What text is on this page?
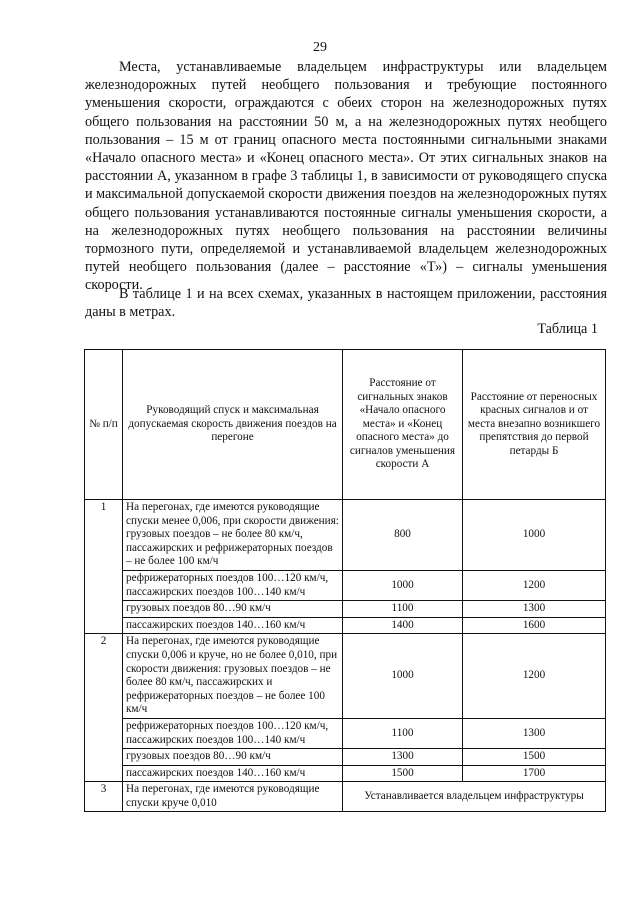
29
Места, устанавливаемые владельцем инфраструктуры или владельцем железнодорожных путей необщего пользования и требующие постоянного уменьшения скорости, ограждаются с обеих сторон на железнодорожных путях общего пользования на расстоянии 50 м, а на железнодорожных путях необщего пользования – 15 м от границ опасного места постоянными сигнальными знаками «Начало опасного места» и «Конец опасного места». От этих сигнальных знаков на расстоянии А, указанном в графе 3 таблицы 1, в зависимости от руководящего спуска и максимальной допускаемой скорости движения поездов на железнодорожных путях общего пользования устанавливаются постоянные сигналы уменьшения скорости, а на железнодорожных путях необщего пользования на расстоянии величины тормозного пути, определяемой и устанавливаемой владельцем железнодорожных путей необщего пользования (далее – расстояние «Т») – сигналы уменьшения скорости.
В таблице 1 и на всех схемах, указанных в настоящем приложении, расстояния даны в метрах.
Таблица 1
№ п/п	Руководящий спуск и максимальная допускаемая скорость движения поездов на перегоне	Расстояние от сигнальных знаков «Начало опасного места» и «Конец опасного места» до сигналов уменьшения скорости А	Расстояние от переносных красных сигналов и от места внезапно возникшего препятствия до первой петарды Б
1	На перегонах, где имеются руководящие спуски менее 0,006, при скорости движения: грузовых поездов – не более 80 км/ч, пассажирских и рефрижераторных поездов – не более 100 км/ч	800	1000
	рефрижераторных поездов 100…120 км/ч, пассажирских поездов 100…140 км/ч	1000	1200
	грузовых поездов 80…90 км/ч	1100	1300
	пассажирских поездов 140…160 км/ч	1400	1600
2	На перегонах, где имеются руководящие спуски 0,006 и круче, но не более 0,010, при скорости движения: грузовых поездов – не более 80 км/ч, пассажирских и рефрижераторных поездов – не более 100 км/ч	1000	1200
	рефрижераторных поездов 100…120 км/ч, пассажирских поездов 100…140 км/ч	1100	1300
	грузовых поездов 80…90 км/ч	1300	1500
	пассажирских поездов 140…160 км/ч	1500	1700
3	На перегонах, где имеются руководящие спуски круче 0,010	Устанавливается владельцем инфраструктуры	
